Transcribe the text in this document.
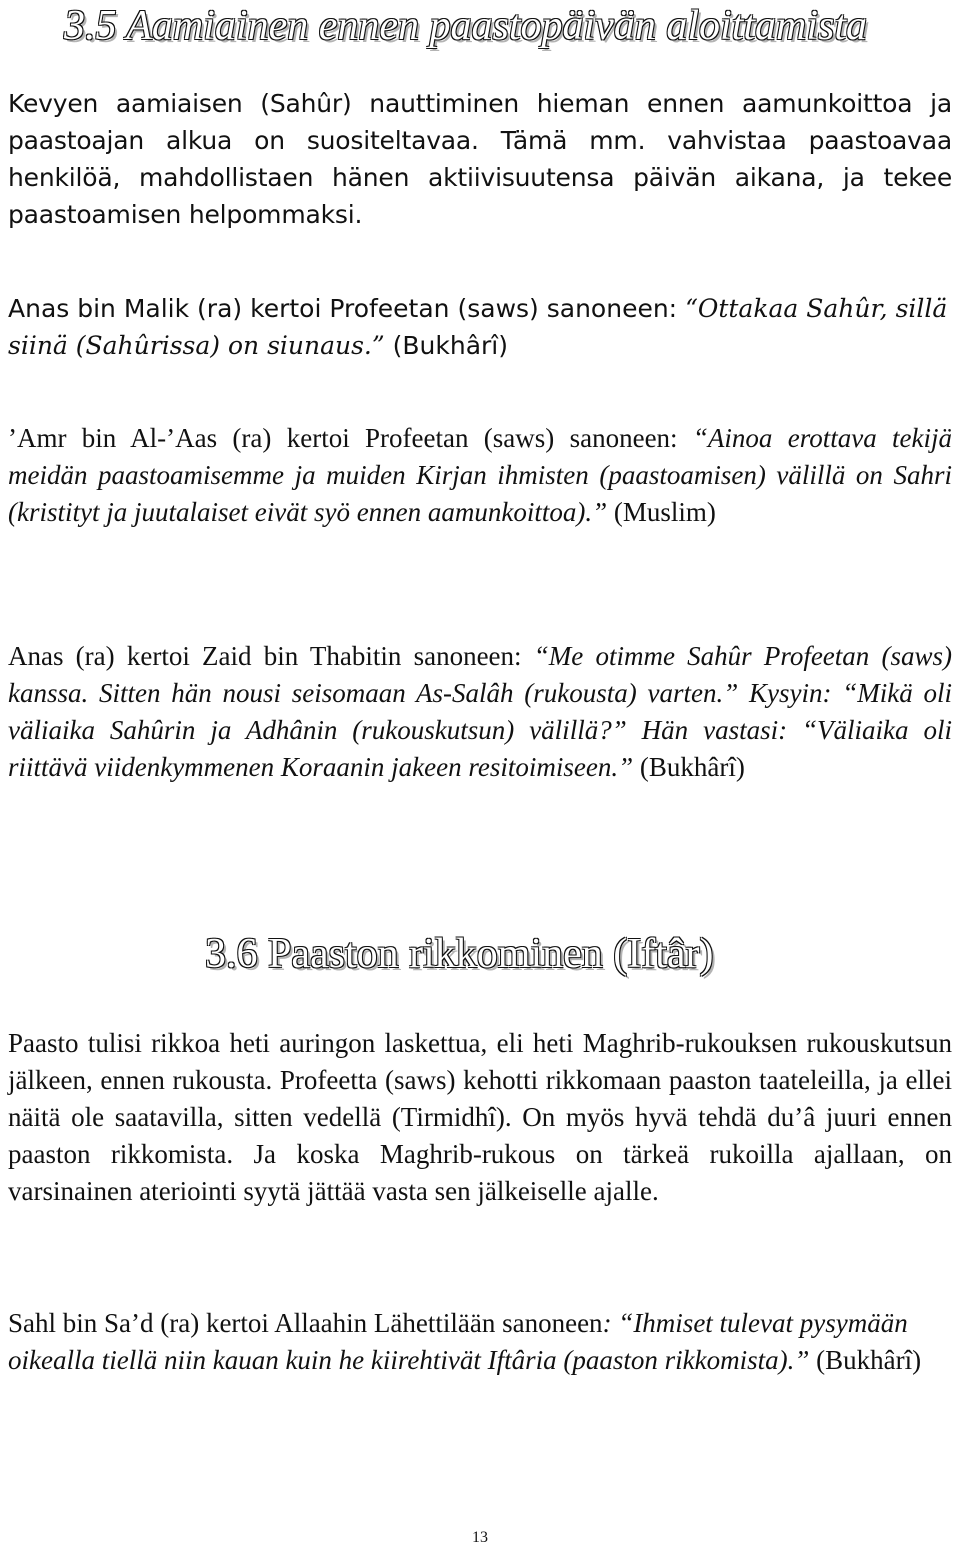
3.5 Aamiainen ennen paastopäivän aloittamista

Kevyen aamiaisen (Sahûr) nauttiminen hieman ennen aamunkoittoa ja paastoajan alkua on suositeltavaa. Tämä mm. vahvistaa paastoavaa henkilöä, mahdollistaen hänen aktiivisuutensa päivän aikana, ja tekee paastoamisen helpommaksi.

Anas bin Malik (ra) kertoi Profeetan (saws) sanoneen: “Ottakaa Sahûr, sillä siinä (Sahûrissa) on siunaus.” (Bukhârî)

’Amr bin Al-’Aas (ra) kertoi Profeetan (saws) sanoneen: “Ainoa erottava tekijä meidän paastoamisemme ja muiden Kirjan ihmisten (paastoamisen) välillä on Sahri (kristityt ja juutalaiset eivät syö ennen aamunkoittoa).” (Muslim)

Anas (ra) kertoi Zaid bin Thabitin sanoneen: “Me otimme Sahûr Profeetan (saws) kanssa. Sitten hän nousi seisomaan As-Salâh (rukousta) varten.” Kysyin: “Mikä oli väliaika Sahûrin ja Adhânin (rukouskutsun) välillä?” Hän vastasi: “Väliaika oli riittävä viidenkymmenen Koraanin jakeen resitoimiseen.” (Bukhârî)

3.6 Paaston rikkominen (Iftâr)

Paasto tulisi rikkoa heti auringon laskettua, eli heti Maghrib-rukouksen rukouskutsun jälkeen, ennen rukousta. Profeetta (saws) kehotti rikkomaan paaston taateleilla, ja ellei näitä ole saatavilla, sitten vedellä (Tirmidhî). On myös hyvä tehdä du’â juuri ennen paaston rikkomista. Ja koska Maghrib-rukous on tärkeä rukoilla ajallaan, on varsinainen ateriointi syytä jättää vasta sen jälkeiselle ajalle.

Sahl bin Sa’d (ra) kertoi Allaahin Lähettilään sanoneen: “Ihmiset tulevat pysymään oikealla tiellä niin kauan kuin he kiirehtivät Iftâria (paaston rikkomista).” (Bukhârî)

13
